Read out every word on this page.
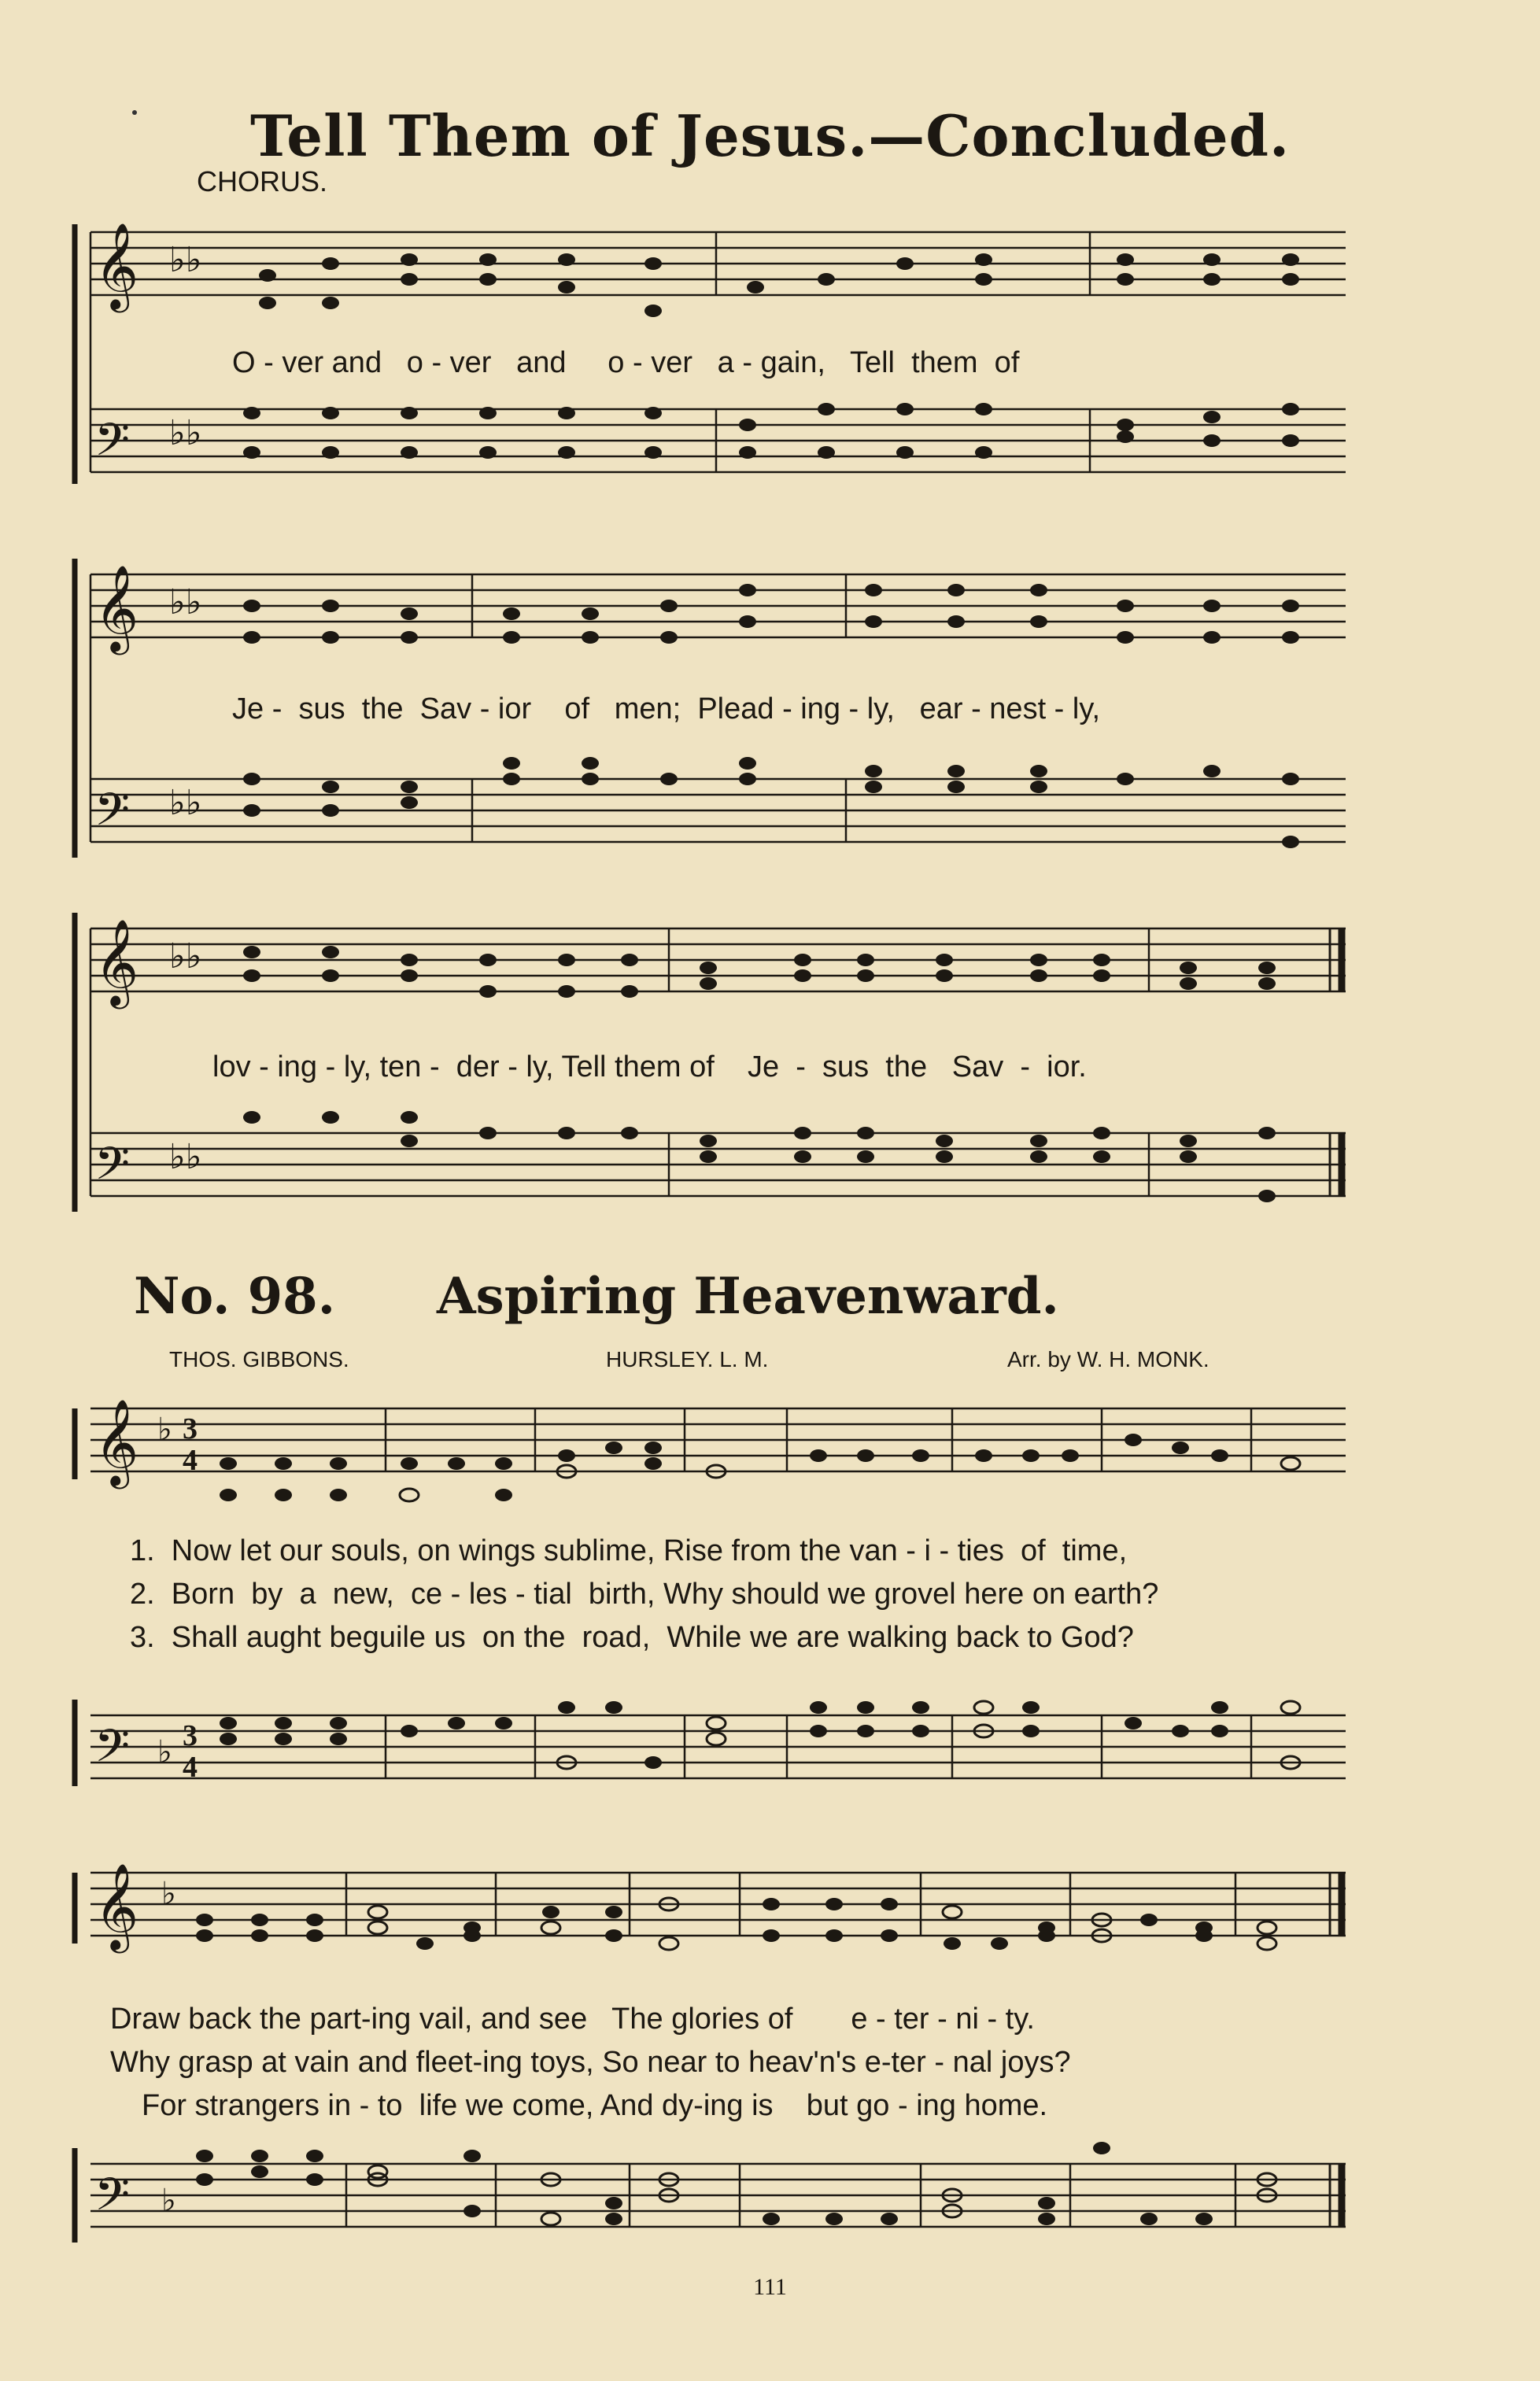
Tell Them of Jesus.—Concluded.
CHORUS.
𝄞
𝄢
♭♭
♭♭
O - ver and   o - ver   and     o - ver   a - gain,   Tell  them  of
𝄞
𝄢
♭♭
♭♭
Je -  sus  the  Sav - ior    of   men;  Plead - ing - ly,   ear - nest - ly,
𝄞
𝄢
♭♭
♭♭
lov - ing - ly, ten -  der - ly, Tell them of    Je  -  sus  the   Sav  -  ior.
No. 98. Aspiring Heavenward.
THOS. GIBBONS.	HURSLEY. L. M.	Arr. by W. H. MONK.
𝄞 ♭ 3
4
1.  Now let our souls, on wings sublime, Rise from the van - i - ties  of  time,
2.  Born  by  a  new,  ce - les - tial  birth, Why should we grovel here on earth?
3.  Shall aught beguile us  on the  road,  While we are walking back to God?
𝄢 ♭ 3
4
𝄞 ♭
Draw back the part-ing vail, and see   The glories of       e - ter - ni - ty.
Why grasp at vain and fleet-ing toys, So near to heav'n's e-ter - nal joys?
For strangers in - to  life we come, And dy-ing is    but go - ing home.
𝄢 ♭
111
